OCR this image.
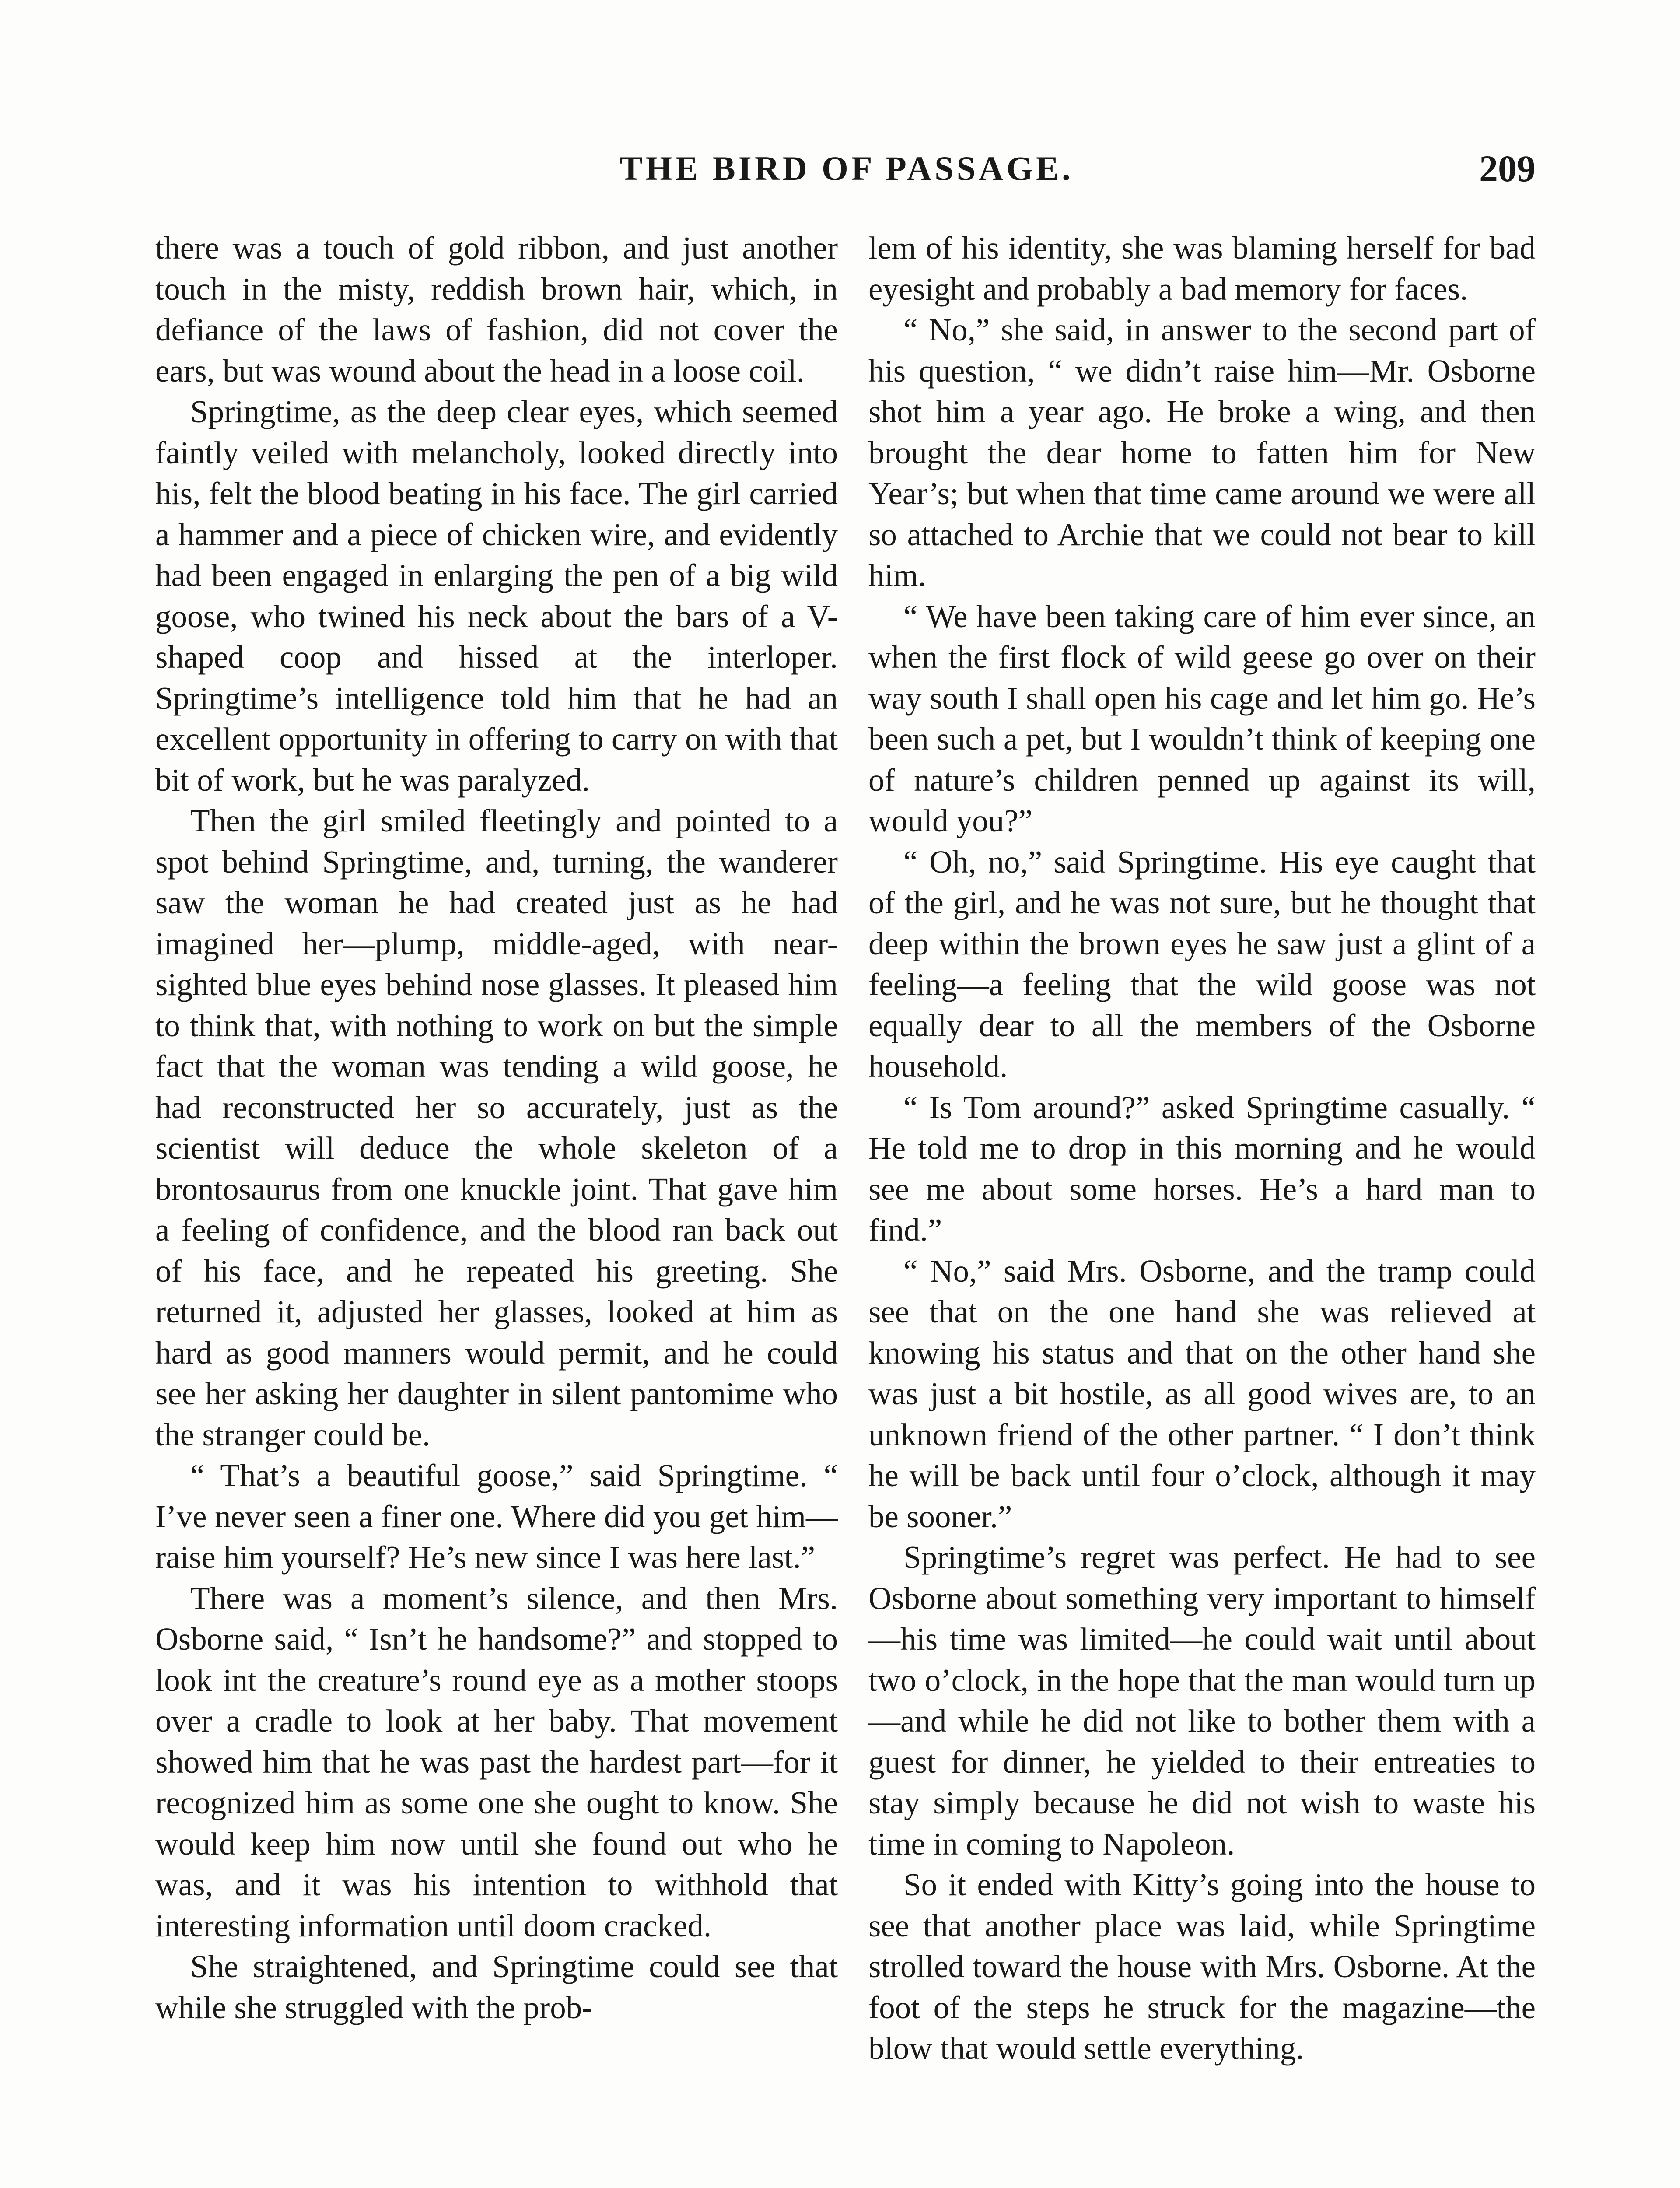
THE BIRD OF PASSAGE.	209

there was a touch of gold ribbon, and just another touch in the misty, reddish brown hair, which, in defiance of the laws of fashion, did not cover the ears, but was wound about the head in a loose coil.

Springtime, as the deep clear eyes, which seemed faintly veiled with melancholy, looked directly into his, felt the blood beating in his face. The girl carried a hammer and a piece of chicken wire, and evidently had been engaged in enlarging the pen of a big wild goose, who twined his neck about the bars of a V-shaped coop and hissed at the interloper. Springtime’s intelligence told him that he had an excellent opportunity in offering to carry on with that bit of work, but he was paralyzed.

Then the girl smiled fleetingly and pointed to a spot behind Springtime, and, turning, the wanderer saw the woman he had created just as he had imagined her—plump, middle-aged, with near-sighted blue eyes behind nose glasses. It pleased him to think that, with nothing to work on but the simple fact that the woman was tending a wild goose, he had reconstructed her so accurately, just as the scientist will deduce the whole skeleton of a brontosaurus from one knuckle joint. That gave him a feeling of confidence, and the blood ran back out of his face, and he repeated his greeting. She returned it, adjusted her glasses, looked at him as hard as good manners would permit, and he could see her asking her daughter in silent pantomime who the stranger could be.

“ That’s a beautiful goose,” said Springtime. “ I’ve never seen a finer one. Where did you get him—raise him yourself? He’s new since I was here last.”

There was a moment’s silence, and then Mrs. Osborne said, “ Isn’t he handsome?” and stopped to look int the creature’s round eye as a mother stoops over a cradle to look at her baby. That movement showed him that he was past the hardest part—for it recognized him as some one she ought to know. She would keep him now until she found out who he was, and it was his intention to withhold that interesting information until doom cracked.

She straightened, and Springtime could see that while she struggled with the prob-

lem of his identity, she was blaming herself for bad eyesight and probably a bad memory for faces.

“ No,” she said, in answer to the second part of his question, “ we didn’t raise him—Mr. Osborne shot him a year ago. He broke a wing, and then brought the dear home to fatten him for New Year’s; but when that time came around we were all so attached to Archie that we could not bear to kill him.

“ We have been taking care of him ever since, an when the first flock of wild geese go over on their way south I shall open his cage and let him go. He’s been such a pet, but I wouldn’t think of keeping one of nature’s children penned up against its will, would you?”

“ Oh, no,” said Springtime. His eye caught that of the girl, and he was not sure, but he thought that deep within the brown eyes he saw just a glint of a feeling—a feeling that the wild goose was not equally dear to all the members of the Osborne household.

“ Is Tom around?” asked Springtime casually. “ He told me to drop in this morning and he would see me about some horses. He’s a hard man to find.”

“ No,” said Mrs. Osborne, and the tramp could see that on the one hand she was relieved at knowing his status and that on the other hand she was just a bit hostile, as all good wives are, to an unknown friend of the other partner. “ I don’t think he will be back until four o’clock, although it may be sooner.”

Springtime’s regret was perfect. He had to see Osborne about something very important to himself—his time was limited—he could wait until about two o’clock, in the hope that the man would turn up—and while he did not like to bother them with a guest for dinner, he yielded to their entreaties to stay simply because he did not wish to waste his time in coming to Napoleon.

So it ended with Kitty’s going into the house to see that another place was laid, while Springtime strolled toward the house with Mrs. Osborne. At the foot of the steps he struck for the magazine—the blow that would settle everything.
